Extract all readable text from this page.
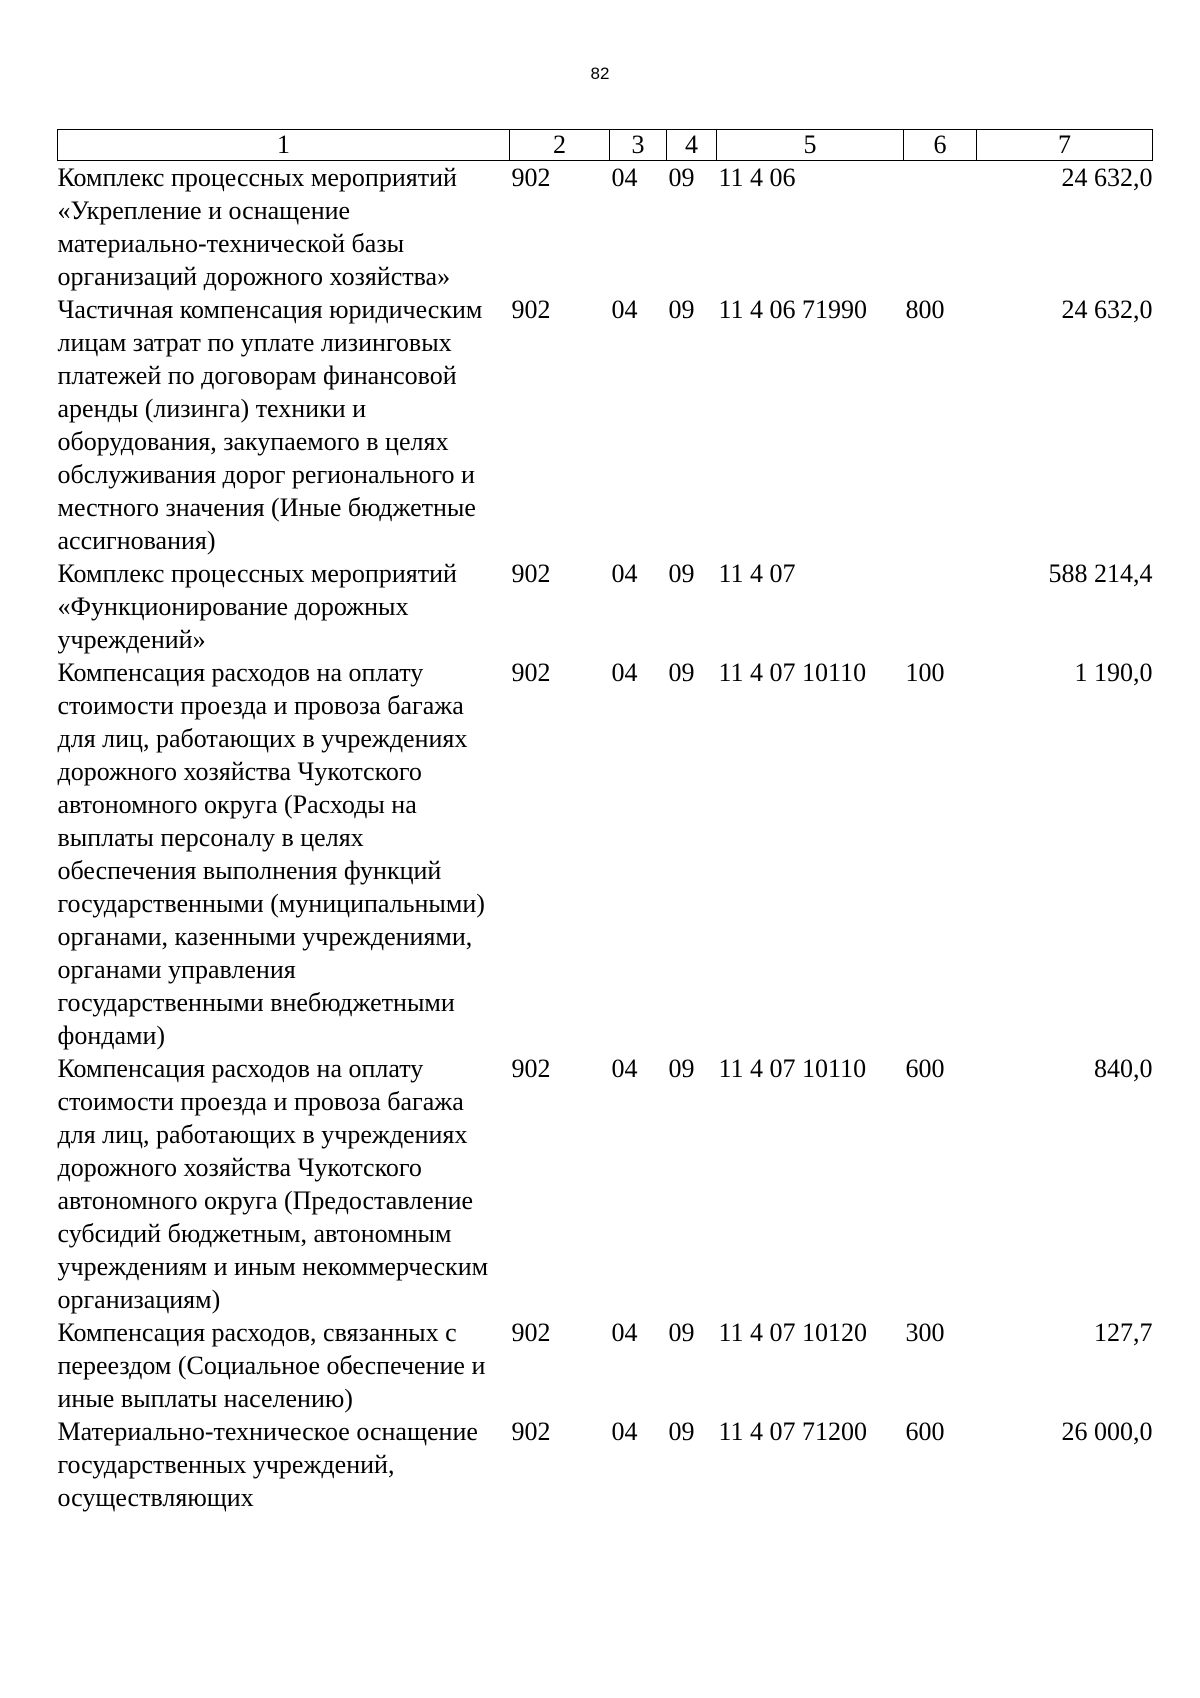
82
1	2	3	4	5	6	7
Комплекс процессных мероприятий «Укрепление и оснащение материально-технической базы организаций дорожного хозяйства»	902	04	09	11 4 06		24 632,0
Частичная компенсация юридическим лицам затрат по уплате лизинговых платежей по договорам финансовой аренды (лизинга) техники и оборудования, закупаемого в целях обслуживания дорог регионального и местного значения (Иные бюджетные ассигнования)	902	04	09	11 4 06 71990	800	24 632,0
Комплекс процессных мероприятий «Функционирование дорожных учреждений»	902	04	09	11 4 07		588 214,4
Компенсация расходов на оплату стоимости проезда и провоза багажа для лиц, работающих в учреждениях дорожного хозяйства Чукотского автономного округа (Расходы на выплаты персоналу в целях обеспечения выполнения функций государственными (муниципальными) органами, казенными учреждениями, органами управления государственными внебюджетными фондами)	902	04	09	11 4 07 10110	100	1 190,0
Компенсация расходов на оплату стоимости проезда и провоза багажа для лиц, работающих в учреждениях дорожного хозяйства Чукотского автономного округа (Предоставление субсидий бюджетным, автономным учреждениям и иным некоммерческим организациям)	902	04	09	11 4 07 10110	600	840,0
Компенсация расходов, связанных с переездом (Социальное обеспечение и иные выплаты населению)	902	04	09	11 4 07 10120	300	127,7
Материально-техническое оснащение государственных учреждений, осуществляющих	902	04	09	11 4 07 71200	600	26 000,0
